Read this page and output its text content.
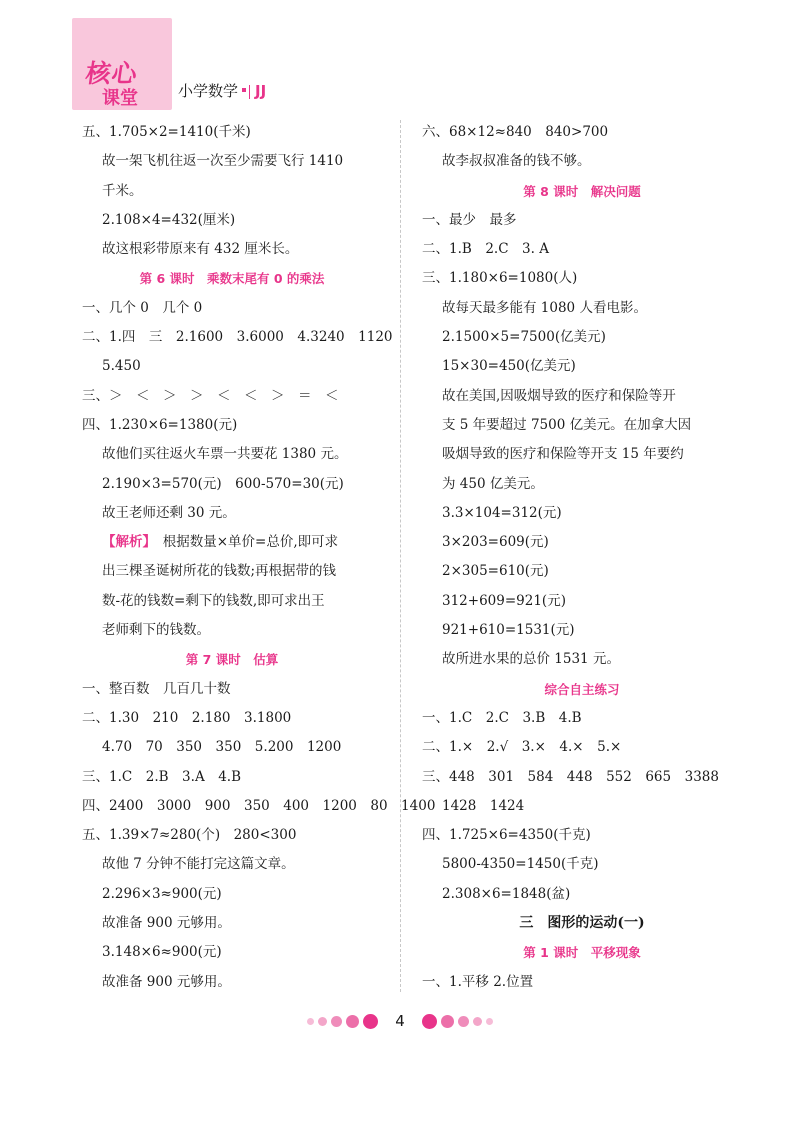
核心
课堂	小学数学 JJ
五、1.705×2=1410(千米)
故一架飞机往返一次至少需要飞行 1410
千米。
2.108×4=432(厘米)
故这根彩带原来有 432 厘米长。
第 6 课时　乘数末尾有 0 的乘法
一、几个 0　几个 0
二、1.四　三　2.1600　3.6000　4.3240　1120
5.450
三、＞　＜　＞　＞　＜　＜　＞　＝　＜
四、1.230×6=1380(元)
故他们买往返火车票一共要花 1380 元。
2.190×3=570(元)　600-570=30(元)
故王老师还剩 30 元。
【解析】　根据数量×单价=总价,即可求
出三棵圣诞树所花的钱数;再根据带的钱
数-花的钱数=剩下的钱数,即可求出王
老师剩下的钱数。
第 7 课时　估算
一、整百数　几百几十数
二、1.30　210　2.180　3.1800
4.70　70　350　350　5.200　1200
三、1.C　2.B　3.A　4.B
四、2400　3000　900　350　400　1200　80　1400
五、1.39×7≈280(个)　280<300
故他 7 分钟不能打完这篇文章。
2.296×3≈900(元)
故准备 900 元够用。
3.148×6≈900(元)
故准备 900 元够用。
六、68×12≈840　840>700
故李叔叔准备的钱不够。
第 8 课时　解决问题
一、最少　最多
二、1.B　2.C　3. A
三、1.180×6=1080(人)
故每天最多能有 1080 人看电影。
2.1500×5=7500(亿美元)
15×30=450(亿美元)
故在美国,因吸烟导致的医疗和保险等开
支 5 年要超过 7500 亿美元。在加拿大因
吸烟导致的医疗和保险等开支 15 年要约
为 450 亿美元。
3.3×104=312(元)
3×203=609(元)
2×305=610(元)
312+609=921(元)
921+610=1531(元)
故所进水果的总价 1531 元。
综合自主练习
一、1.C　2.C　3.B　4.B
二、1.×　2.√　3.×　4.×　5.×
三、448　301　584　448　552　665　3388
1428　1424
四、1.725×6=4350(千克)
5800-4350=1450(千克)
2.308×6=1848(盆)
三　图形的运动(一)
第 1 课时　平移现象
一、1.平移 2.位置
4
